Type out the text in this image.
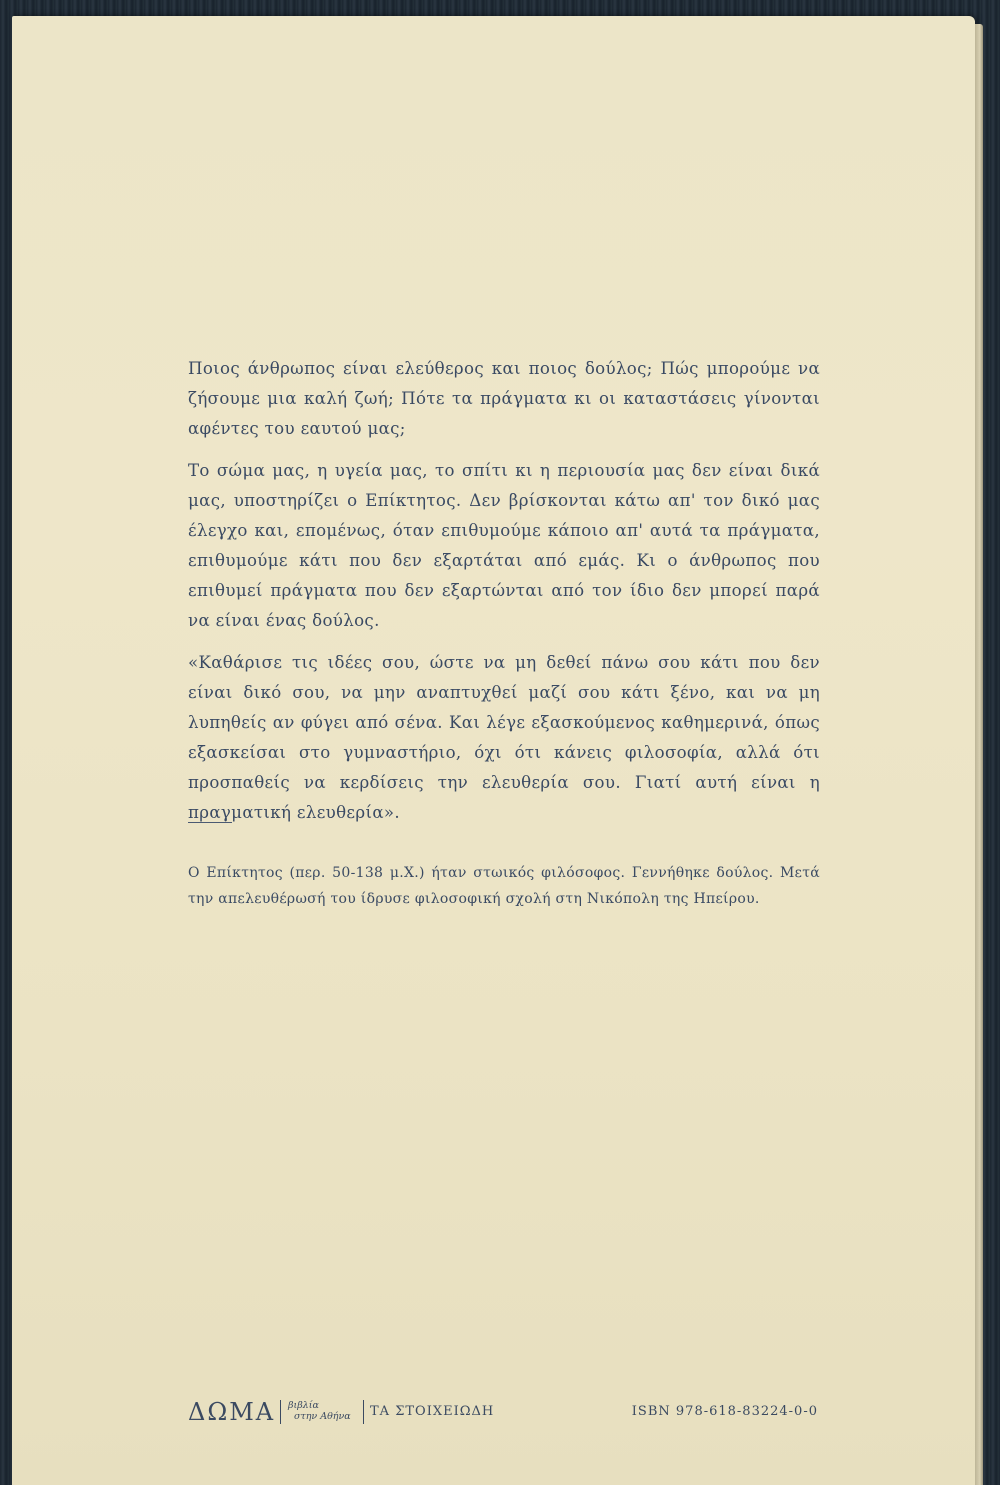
Ποιος άνθρωπος είναι ελεύθερος και ποιος δούλος; Πώς μπορούμε να ζήσουμε μια καλή ζωή; Πότε τα πράγματα κι οι καταστάσεις γίνονται αφέντες του εαυτού μας;

Το σώμα μας, η υγεία μας, το σπίτι κι η περιουσία μας δεν είναι δικά μας, υποστηρίζει ο Επίκτητος. Δεν βρίσκονται κάτω απ' τον δικό μας έλεγχο και, επομένως, όταν επιθυμούμε κάποιο απ' αυτά τα πράγματα, επιθυμούμε κάτι που δεν εξαρτάται από εμάς. Κι ο άνθρωπος που επιθυμεί πράγματα που δεν εξαρτώνται από τον ίδιο δεν μπορεί παρά να είναι ένας δούλος.

«Καθάρισε τις ιδέες σου, ώστε να μη δεθεί πάνω σου κάτι που δεν είναι δικό σου, να μην αναπτυχθεί μαζί σου κάτι ξένο, και να μη λυπηθείς αν φύγει από σένα. Και λέγε εξασκούμενος καθημερινά, όπως εξασκείσαι στο γυμναστήριο, όχι ότι κάνεις φιλοσοφία, αλλά ότι προσπαθείς να κερδίσεις την ελευθερία σου. Γιατί αυτή είναι η πραγματική ελευθερία».

Ο Επίκτητος (περ. 50-138 μ.Χ.) ήταν στωικός φιλόσοφος. Γεννήθηκε δούλος. Μετά την απελευθέρωσή του ίδρυσε φιλοσοφική σχολή στη Νικόπολη της Ηπείρου.
ΔΩΜΑ βιβλία
στην Αθήνα ΤΑ ΣΤΟΙΧΕΙΩΔΗ	ISBN 978-618-83224-0-0
